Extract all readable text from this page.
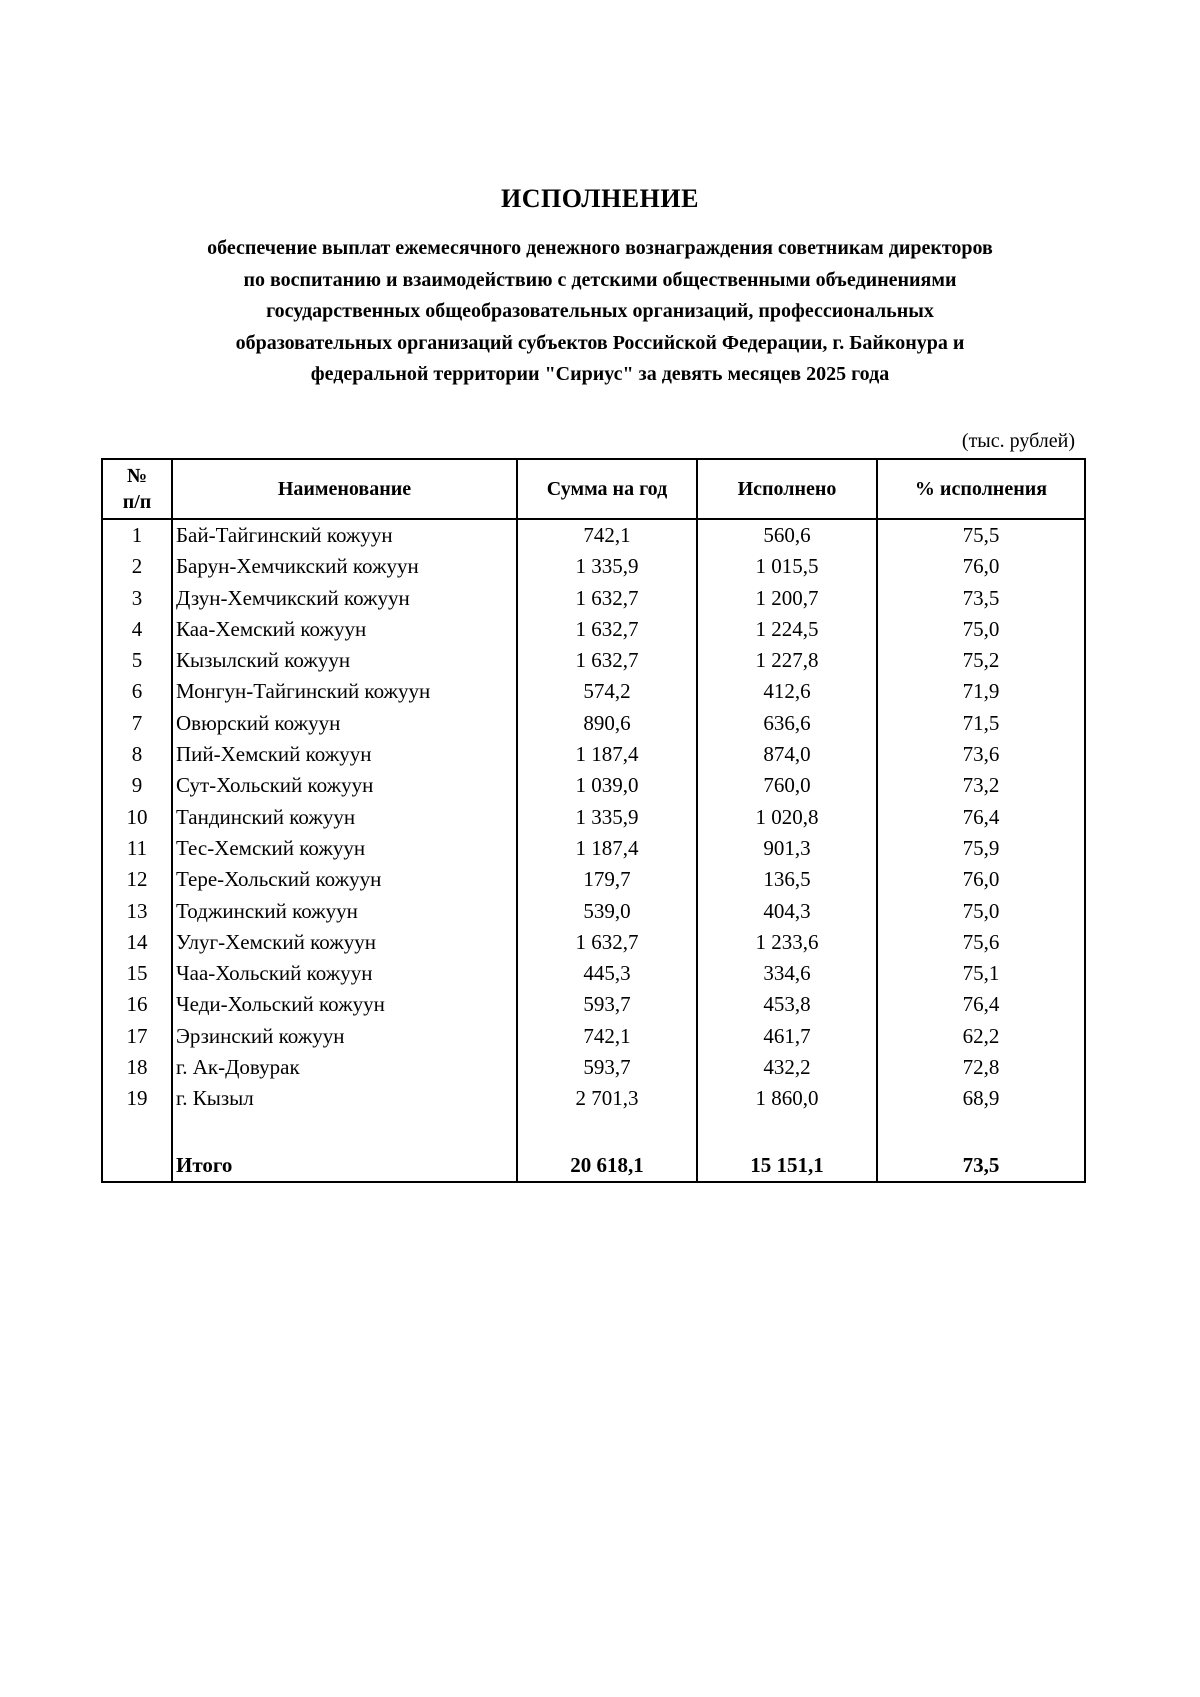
ИСПОЛНЕНИЕ
обеспечение выплат ежемесячного денежного вознаграждения советникам директоров
по воспитанию и взаимодействию с детскими общественными объединениями
государственных общеобразовательных организаций, профессиональных
образовательных организаций субъектов Российской Федерации, г. Байконура и
федеральной территории "Сириус" за девять месяцев 2025 года
(тыс. рублей)
№
п/п	Наименование	Сумма на год	Исполнено	% исполнения
1	Бай-Тайгинский кожуун	742,1	560,6	75,5
2	Барун-Хемчикский кожуун	1 335,9	1 015,5	76,0
3	Дзун-Хемчикский кожуун	1 632,7	1 200,7	73,5
4	Каа-Хемский кожуун	1 632,7	1 224,5	75,0
5	Кызылский кожуун	1 632,7	1 227,8	75,2
6	Монгун-Тайгинский кожуун	574,2	412,6	71,9
7	Овюрский кожуун	890,6	636,6	71,5
8	Пий-Хемский кожуун	1 187,4	874,0	73,6
9	Сут-Хольский кожуун	1 039,0	760,0	73,2
10	Тандинский кожуун	1 335,9	1 020,8	76,4
11	Тес-Хемский кожуун	1 187,4	901,3	75,9
12	Тере-Хольский кожуун	179,7	136,5	76,0
13	Тоджинский кожуун	539,0	404,3	75,0
14	Улуг-Хемский кожуун	1 632,7	1 233,6	75,6
15	Чаа-Хольский кожуун	445,3	334,6	75,1
16	Чеди-Хольский кожуун	593,7	453,8	76,4
17	Эрзинский кожуун	742,1	461,7	62,2
18	г. Ак-Довурак	593,7	432,2	72,8
19	г. Кызыл	2 701,3	1 860,0	68,9

	Итого	20 618,1	15 151,1	73,5
